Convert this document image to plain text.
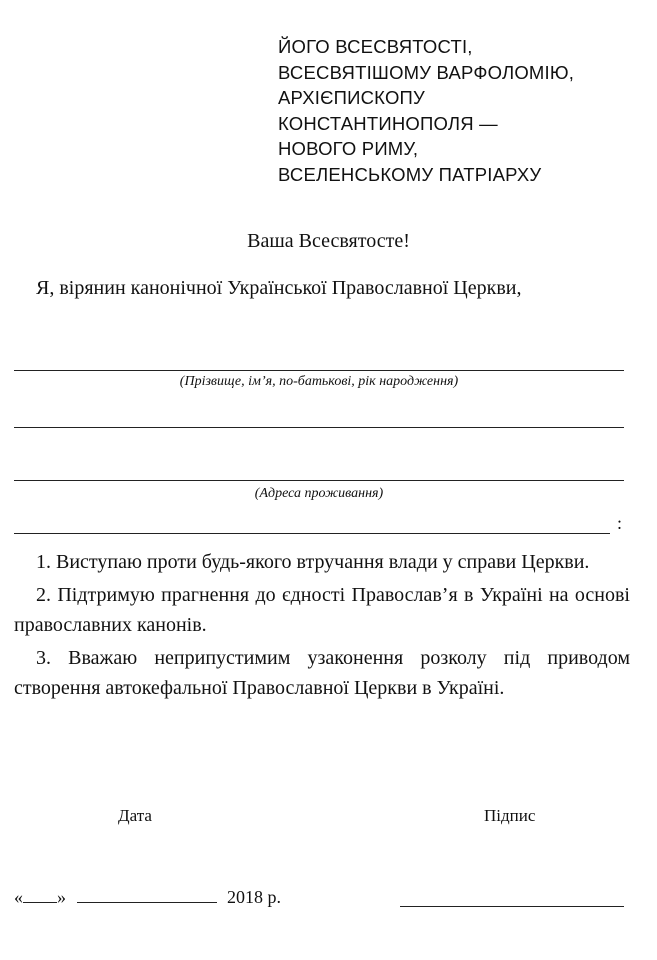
ЙОГО ВСЕСВЯТОСТІ,
ВСЕСВЯТІШОМУ ВАРФОЛОМІЮ,
АРХІЄПИСКОПУ
КОНСТАНТИНОПОЛЯ —
НОВОГО РИМУ,
ВСЕЛЕНСЬКОМУ ПАТРІАРХУ
Ваша Всесвятосте!
Я, вірянин канонічної Української Православної Церкви,
(Прізвище, ім’я, по-батькові, рік народження)
(Адреса проживання)
:

1. Виступаю проти будь-якого втручання влади у справи Церкви.

2. Підтримую прагнення до єдності Православ’я в Україні на основі православних канонів.

3. Вважаю неприпустимим узаконення розколу під приводом створення автокефальної Православної Церкви в Україні.

Дата	Підпис
« »	2018 р.
